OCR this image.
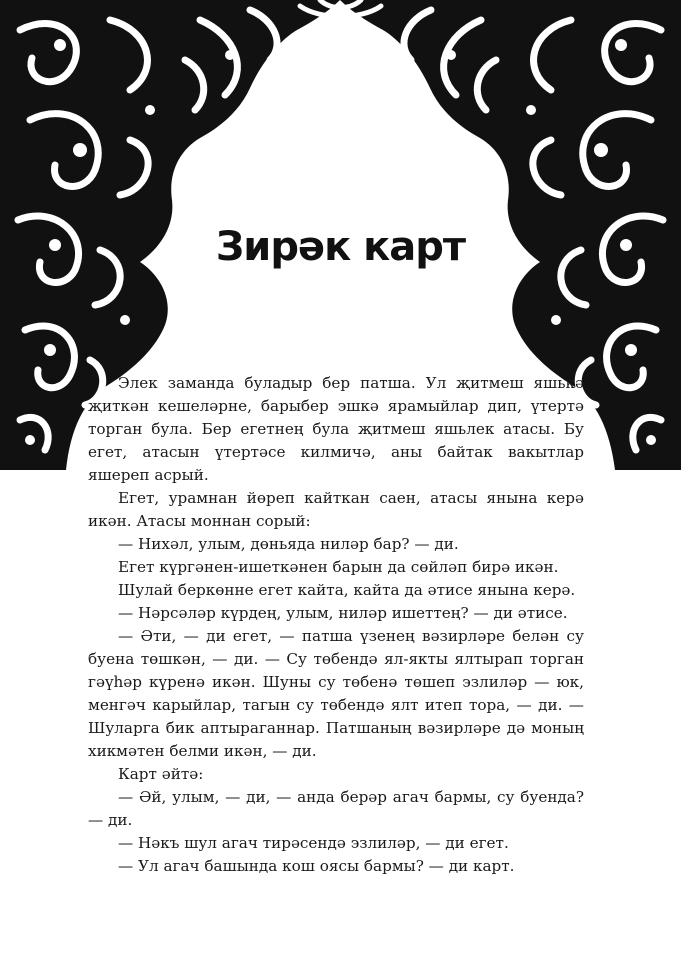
Зирәк карт

Элек заманда буладыр бер патша. Ул җитмеш яшькә җиткән кешеләрне, барыбер эшкә ярамыйлар дип, үтертә торган була. Бер егетнең була җитмеш яшьлек атасы. Бу егет, атасын үтертәсе килмичә, аны байтак вакытлар яшереп асрый.

Егет, урамнан йөреп кайткан саен, атасы янына керә икән. Атасы моннан сорый:

— Нихәл, улым, дөньяда ниләр бар? — ди.

Егет күргәнен-ишеткәнен барын да сөйләп бирә икән.

Шулай беркөнне егет кайта, кайта да әтисе янына керә.

— Нәрсәләр күрдең, улым, ниләр ишеттең? — ди әтисе.

— Әти, — ди егет, — патша үзенең вәзирләре белән су буена төшкән, — ди. — Су төбендә ял-якты ялтырап торган гәүһәр күренә икән. Шуны су төбенә төшеп эзлиләр — юк, менгәч карыйлар, тагын су төбендә ялт итеп тора, — ди. — Шуларга бик аптыраганнар. Патшаның вәзирләре дә моның хикмәтен белми икән, — ди.

Карт әйтә:

— Әй, улым, — ди, — анда берәр агач бармы, су буенда? — ди.

— Нәкъ шул агач тирәсендә эзлиләр, — ди егет.

— Ул агач башында кош оясы бармы? — ди карт.
